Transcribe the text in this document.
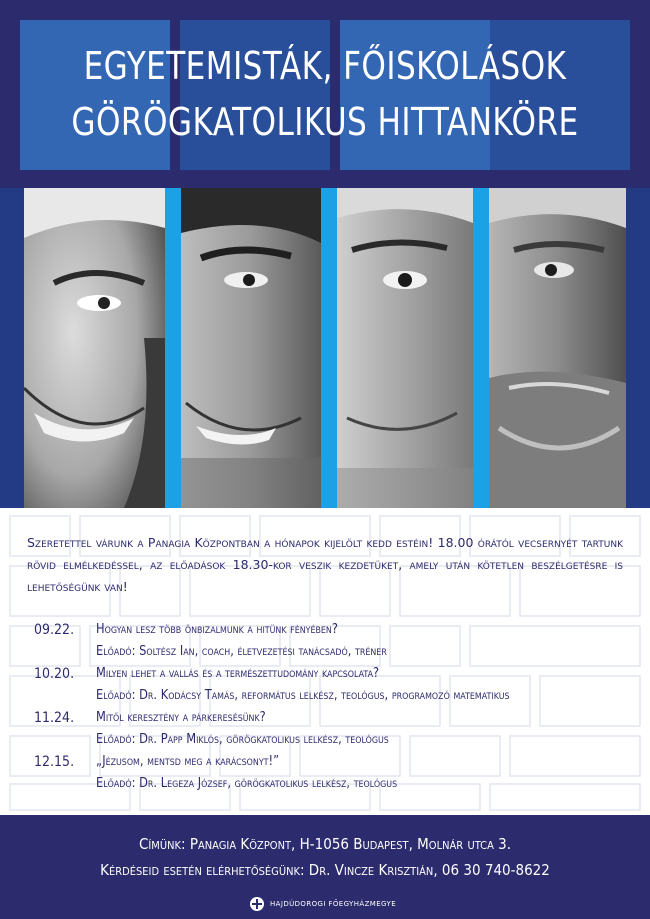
EGYETEMISTÁK, FŐISKOLÁSOK
GÖRÖGKATOLIKUS HITTANKÖRE
Szeretettel várunk a Panagia Központban a hónapok kijelölt kedd estéin! 18.00 órától vecsernyét tartunk rövid elmélkedéssel, az előadások 18.30-kor veszik kezdetüket, amely után kötetlen beszélgetésre is lehetőségünk van!
09.22. Hogyan lesz több önbizalmunk a hitünk fényében?
Előadó: Soltész Ian, coach, életvezetési tanácsadó, tréner
10.20. Milyen lehet a vallás és a természettudomány kapcsolata?
Előadó: Dr. Kodácsy Tamás, református lelkész, teológus, programozó matematikus
11.24. Mitől keresztény a párkeresésünk?
Előadó: Dr. Papp Miklós, görögkatolikus lelkész, teológus
12.15. „Jézusom, mentsd meg a karácsonyt!”
Előadó: Dr. Legeza József, görögkatolikus lelkész, teológus
Címünk: Panagia Központ, H-1056 Budapest, Molnár utca 3.
Kérdéseid esetén elérhetőségünk: Dr. Vincze Krisztián, 06 30 740-8622
HAJDÚDOROGI FŐEGYHÁZMEGYE
